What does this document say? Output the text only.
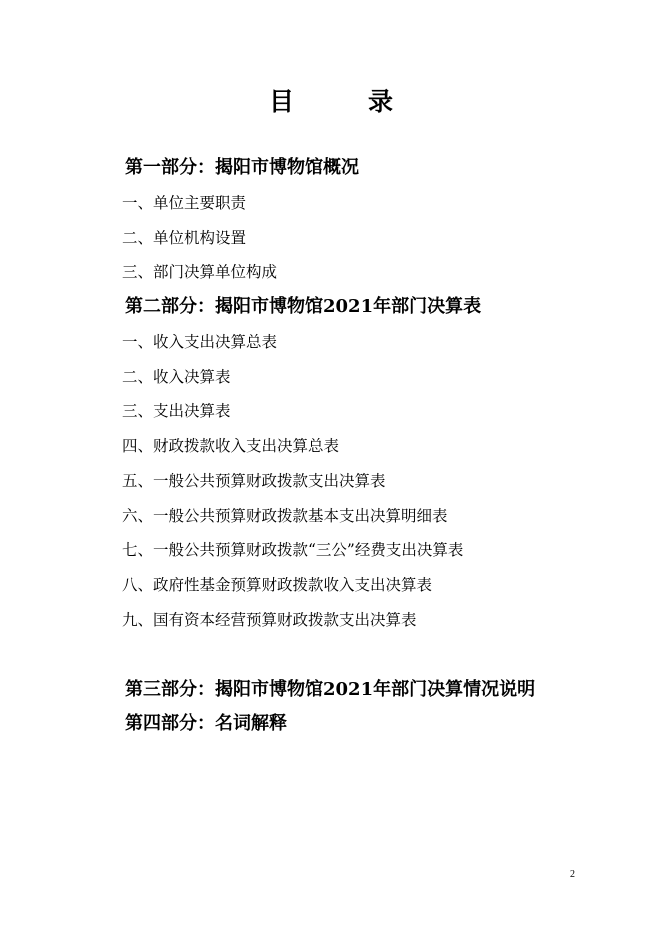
目	录
第一部分：揭阳市博物馆概况
一、单位主要职责
二、单位机构设置
三、部门决算单位构成
第二部分：揭阳市博物馆2021年部门决算表
一、收入支出决算总表
二、收入决算表
三、支出决算表
四、财政拨款收入支出决算总表
五、一般公共预算财政拨款支出决算表
六、一般公共预算财政拨款基本支出决算明细表
七、一般公共预算财政拨款“三公”经费支出决算表
八、政府性基金预算财政拨款收入支出决算表
九、国有资本经营预算财政拨款支出决算表
第三部分：揭阳市博物馆2021年部门决算情况说明
第四部分：名词解释
2
